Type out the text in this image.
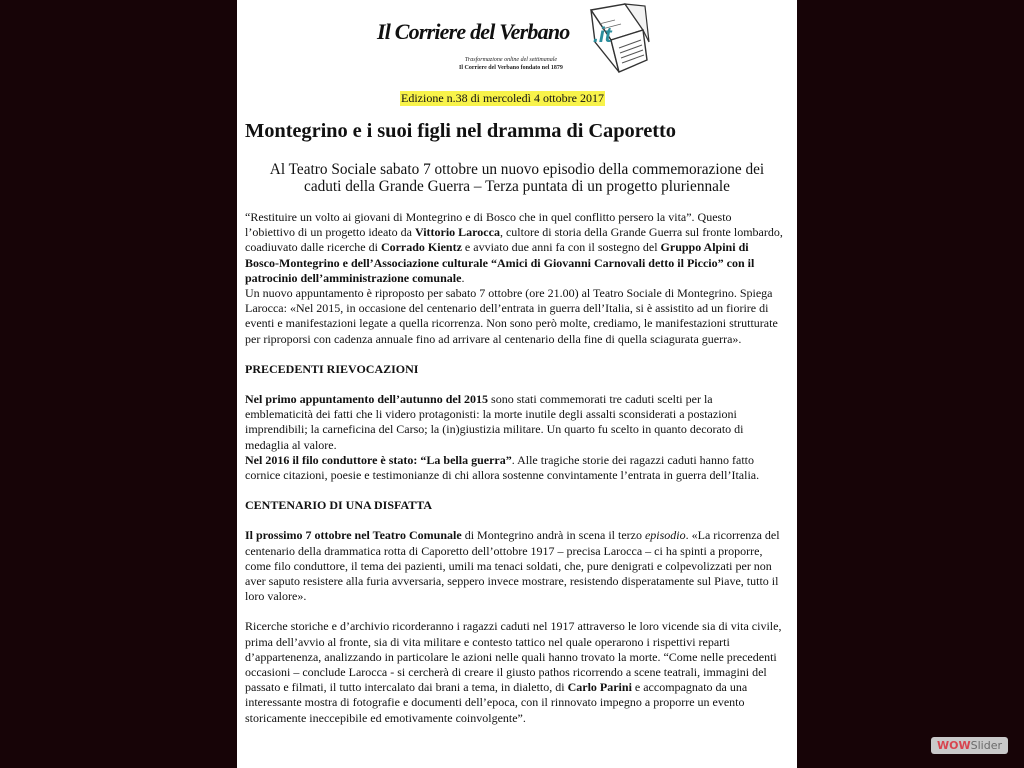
Il Corriere del Verbano .it
Trasformazione online del settimanale
Il Corriere del Verbano fondato nel 1879
Edizione n.38 di mercoledì 4 ottobre 2017
Montegrino e i suoi figli nel dramma di Caporetto

Al Teatro Sociale sabato 7 ottobre un nuovo episodio della commemorazione dei caduti della Grande Guerra – Terza puntata di un progetto pluriennale

“Restituire un volto ai giovani di Montegrino e di Bosco che in quel conflitto persero la vita”. Questo l’obiettivo di un progetto ideato da Vittorio Larocca, cultore di storia della Grande Guerra sul fronte lombardo, coadiuvato dalle ricerche di Corrado Kientz e avviato due anni fa con il sostegno del Gruppo Alpini di Bosco-Montegrino e dell’Associazione culturale “Amici di Giovanni Carnovali detto il Piccio” con il patrocinio dell’amministrazione comunale.

Un nuovo appuntamento è riproposto per sabato 7 ottobre (ore 21.00) al Teatro Sociale di Montegrino. Spiega Larocca: «Nel 2015, in occasione del centenario dell’entrata in guerra dell’Italia, si è assistito ad un fiorire di eventi e manifestazioni legate a quella ricorrenza. Non sono però molte, crediamo, le manifestazioni strutturate per riproporsi con cadenza annuale fino ad arrivare al centenario della fine di quella sciagurata guerra».

PRECEDENTI RIEVOCAZIONI

Nel primo appuntamento dell’autunno del 2015 sono stati commemorati tre caduti scelti per la emblematicità dei fatti che li videro protagonisti: la morte inutile degli assalti sconsiderati a postazioni imprendibili; la carneficina del Carso; la (in)giustizia militare. Un quarto fu scelto in quanto decorato di medaglia al valore.

Nel 2016 il filo conduttore è stato: “La bella guerra”. Alle tragiche storie dei ragazzi caduti hanno fatto cornice citazioni, poesie e testimonianze di chi allora sostenne convintamente l’entrata in guerra dell’Italia.

CENTENARIO DI UNA DISFATTA

Il prossimo 7 ottobre nel Teatro Comunale di Montegrino andrà in scena il terzo episodio. «La ricorrenza del centenario della drammatica rotta di Caporetto dell’ottobre 1917 – precisa Larocca – ci ha spinti a proporre, come filo conduttore, il tema dei pazienti, umili ma tenaci soldati, che, pure denigrati e colpevolizzati per non aver saputo resistere alla furia avversaria, seppero invece mostrare, resistendo disperatamente sul Piave, tutto il loro valore».

Ricerche storiche e d’archivio ricorderanno i ragazzi caduti nel 1917 attraverso le loro vicende sia di vita civile, prima dell’avvio al fronte, sia di vita militare e contesto tattico nel quale operarono i rispettivi reparti d’appartenenza, analizzando in particolare le azioni nelle quali hanno trovato la morte. “Come nelle precedenti occasioni – conclude Larocca - si cercherà di creare il giusto pathos ricorrendo a scene teatrali, immagini del passato e filmati, il tutto intercalato dai brani a tema, in dialetto, di Carlo Parini e accompagnato da una interessante mostra di fotografie e documenti dell’epoca, con il rinnovato impegno a proporre un evento storicamente ineccepibile ed emotivamente coinvolgente”.

WOWSlider
